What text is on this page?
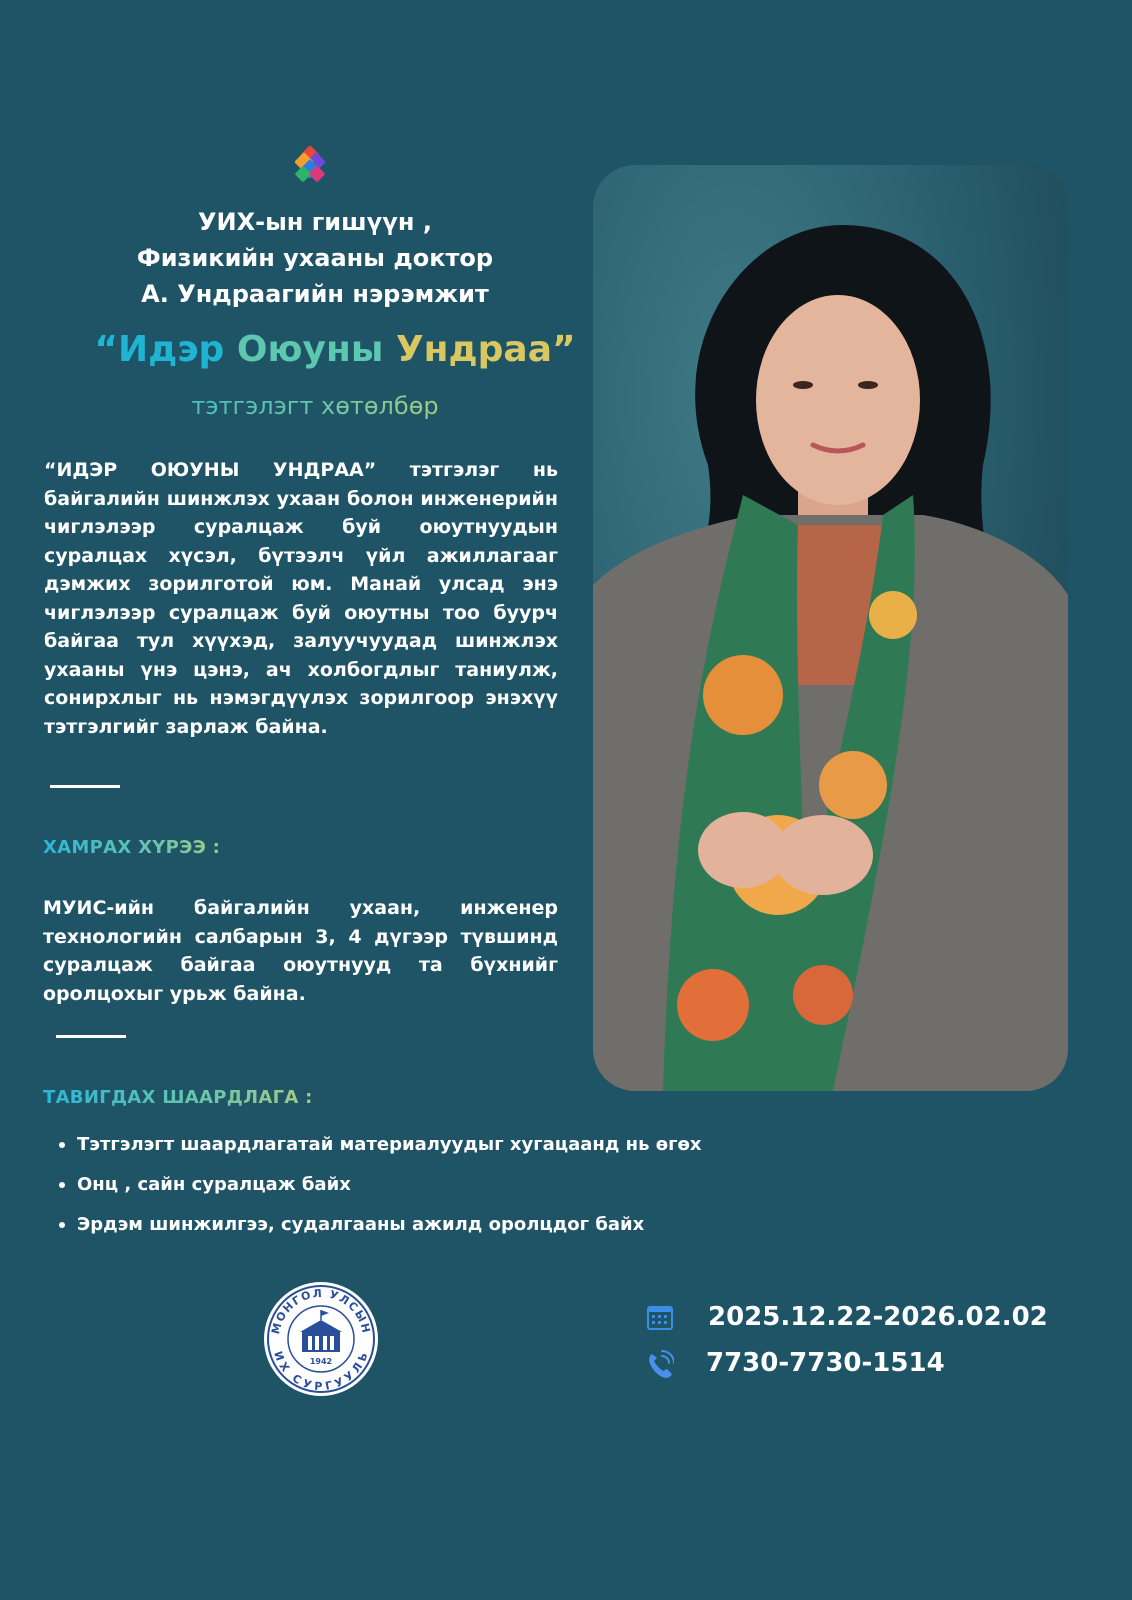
УИХ-ын гишүүн ,
Физикийн ухааны доктор
А. Ундраагийн нэрэмжит
“Идэр Оюуны Ундраа”
тэтгэлэгт хөтөлбөр
“ИДЭР ОЮУНЫ УНДРАА” тэтгэлэг нь байгалийн шинжлэх ухаан болон инженерийн чиглэлээр суралцаж буй оюутнуудын суралцах хүсэл, бүтээлч үйл ажиллагааг дэмжих зорилготой юм. Манай улсад энэ чиглэлээр суралцаж буй оюутны тоо буурч байгаа тул хүүхэд, залуучуудад шинжлэх ухааны үнэ цэнэ, ач холбогдлыг таниулж, сонирхлыг нь нэмэгдүүлэх зорилгоор энэхүү тэтгэлгийг зарлаж байна.
ХАМРАХ ХҮРЭЭ :
МУИС-ийн байгалийн ухаан, инженер технологийн салбарын 3, 4 дүгээр түвшинд суралцаж байгаа оюутнууд та бүхнийг оролцохыг урьж байна.
ТАВИГДАХ ШААРДЛАГА :
Тэтгэлэгт шаардлагатай материалуудыг хугацаанд нь өгөх
Онц , сайн суралцаж байх
Эрдэм шинжилгээ, судалгааны ажилд оролцдог байх
МОНГОЛ УЛСЫН
ИХ СУРГУУЛЬ
1942
2025.12.22-2026.02.02
7730-7730-1514
